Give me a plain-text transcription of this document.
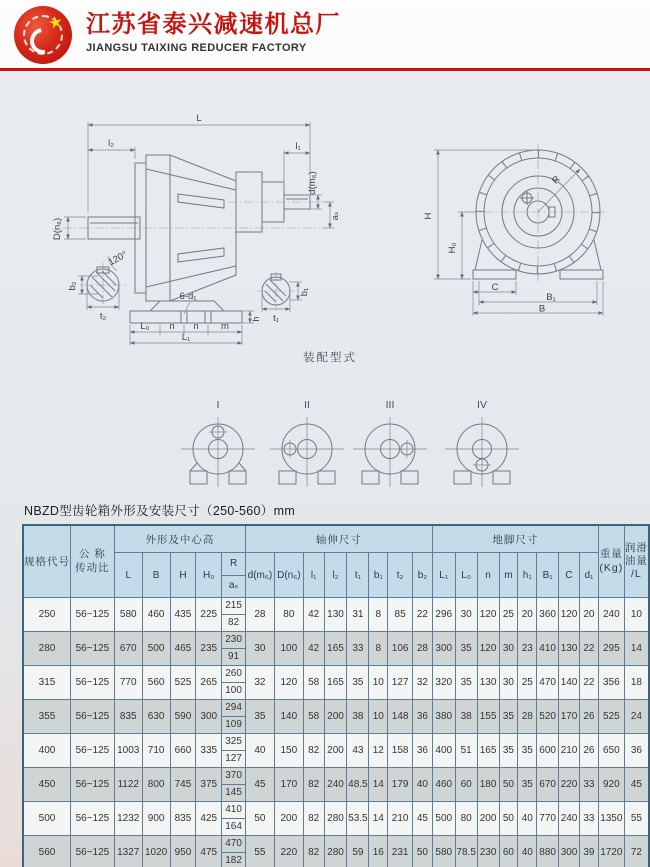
★ 江苏省泰兴减速机总厂
JIANGSU TAIXING REDUCER FACTORY
L
l₂	l₁
d(m₆)
aₛ
D(n₆)
120°
b₂
t₂
L₀ n n
6-d₁
m
h t₁
b₁
L₁
H
H₀
C
B₁
B
R
装配型式
I	II	III	IV
NBZD型齿轮箱外形及安装尺寸（250-560）mm
规格代号	公 称
传动比	外形及中心高					轴伸尺寸								地脚尺寸								重量
(Kg)	润滑
油量
/L

		L	B	H	H₀	R
aₛ	d(m₆)	D(n₆)	l₁	l₂	t₁	b₁	t₂	b₂	L₁	L₀	n	m	h₁	B₁	C	d₁		
250	56~125	580	460	435	225	215
82	28	80	42	130	31	8	85	22	296	30	120	25	20	360	120	20	240	10
280	56~125	670	500	465	235	230
91	30	100	42	165	33	8	106	28	300	35	120	30	23	410	130	22	295	14
315	56~125	770	560	525	265	260
100	32	120	58	165	35	10	127	32	320	35	130	30	25	470	140	22	356	18
355	56~125	835	630	590	300	294
109	35	140	58	200	38	10	148	36	380	38	155	35	28	520	170	26	525	24
400	56~125	1003	710	660	335	325
127	40	150	82	200	43	12	158	36	400	51	165	35	35	600	210	26	650	36
450	56~125	1122	800	745	375	370
145	45	170	82	240	48.5	14	179	40	460	60	180	50	35	670	220	33	920	45
500	56~125	1232	900	835	425	410
164	50	200	82	280	53.5	14	210	45	500	80	200	50	40	770	240	33	1350	55
560	56~125	1327	1020	950	475	470
182	55	220	82	280	59	16	231	50	580	78.5	230	60	40	880	300	39	1720	72
